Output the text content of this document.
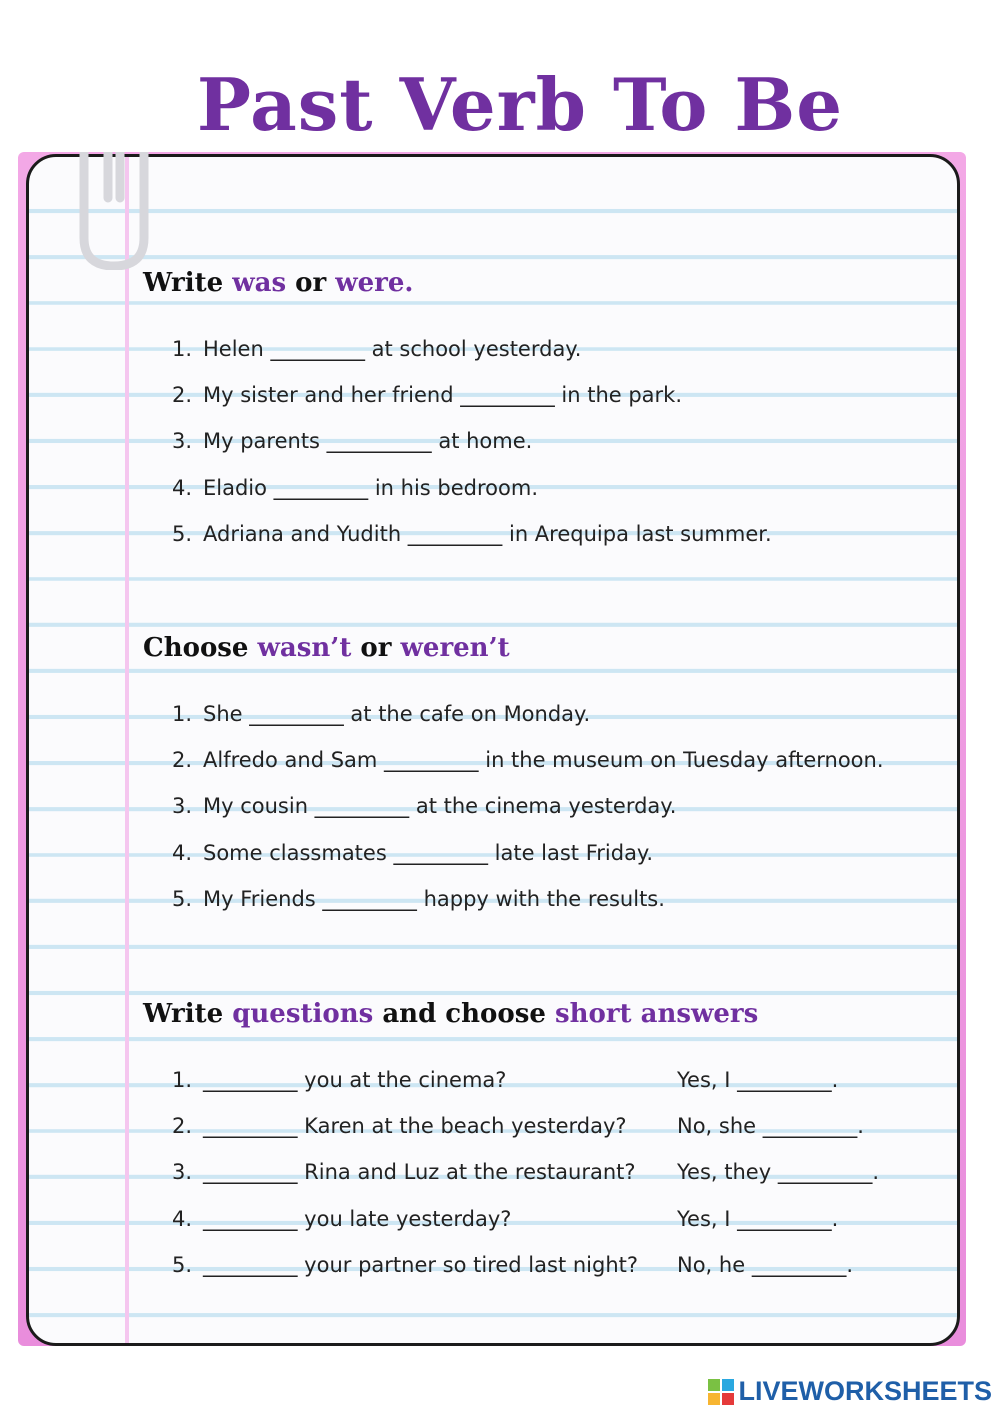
Past Verb To Be
Write was or were.
1. Helen _________ at school yesterday.
2. My sister and her friend _________ in the park.
3. My parents __________ at home.
4. Eladio _________ in his bedroom.
5. Adriana and Yudith _________ in Arequipa last summer.
Choose wasn’t or weren’t
1. She _________ at the cafe on Monday.
2. Alfredo and Sam _________ in the museum on Tuesday afternoon.
3. My cousin _________ at the cinema yesterday.
4. Some classmates _________ late last Friday.
5. My Friends _________ happy with the results.
Write questions and choose short answers
1. _________ you at the cinema?	Yes, I _________.
2. _________ Karen at the beach yesterday? No, she _________.
3. _________ Rina and Luz at the restaurant? Yes, they _________.
4. _________ you late yesterday?	Yes, I _________.
5. _________ your partner so tired last night? No, he _________.
LIVEWORKSHEETS
